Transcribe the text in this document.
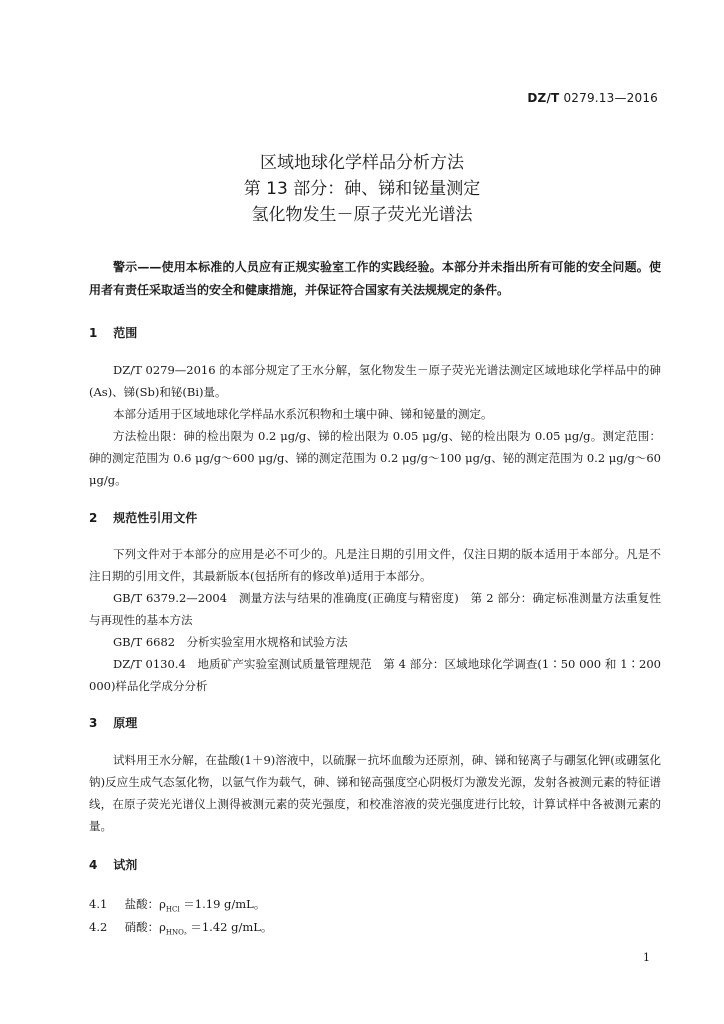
DZ/T 0279.13—2016
区域地球化学样品分析方法
第 13 部分：砷、锑和铋量测定
氢化物发生－原子荧光光谱法
警示——使用本标准的人员应有正规实验室工作的实践经验。本部分并未指出所有可能的安全问题。使用者有责任采取适当的安全和健康措施，并保证符合国家有关法规规定的条件。
1 范围
DZ/T 0279—2016 的本部分规定了王水分解，氢化物发生－原子荧光光谱法测定区域地球化学样品中的砷(As)、锑(Sb)和铋(Bi)量。
本部分适用于区域地球化学样品水系沉积物和土壤中砷、锑和铋量的测定。
方法检出限：砷的检出限为 0.2 μg/g、锑的检出限为 0.05 μg/g、铋的检出限为 0.05 μg/g。测定范围：砷的测定范围为 0.6 μg/g～600 μg/g、锑的测定范围为 0.2 μg/g～100 μg/g、铋的测定范围为 0.2 μg/g～60 μg/g。
2 规范性引用文件
下列文件对于本部分的应用是必不可少的。凡是注日期的引用文件，仅注日期的版本适用于本部分。凡是不注日期的引用文件，其最新版本(包括所有的修改单)适用于本部分。
GB/T 6379.2—2004　测量方法与结果的准确度(正确度与精密度)　第 2 部分：确定标准测量方法重复性与再现性的基本方法
GB/T 6682　分析实验室用水规格和试验方法
DZ/T 0130.4　地质矿产实验室测试质量管理规范　第 4 部分：区域地球化学调查(1∶50 000 和 1∶200 000)样品化学成分分析
3 原理
试料用王水分解，在盐酸(1＋9)溶液中，以硫脲－抗坏血酸为还原剂，砷、锑和铋离子与硼氢化钾(或硼氢化钠)反应生成气态氢化物，以氩气作为载气，砷、锑和铋高强度空心阴极灯为激发光源，发射各被测元素的特征谱线，在原子荧光光谱仪上测得被测元素的荧光强度，和校准溶液的荧光强度进行比较，计算试样中各被测元素的量。
4 试剂
4.1 盐酸：$\rho_{HCl} =1.19$ g/mL。
4.2 硝酸：$\rho_{HNO_3} =1.42$ g/mL。
1
